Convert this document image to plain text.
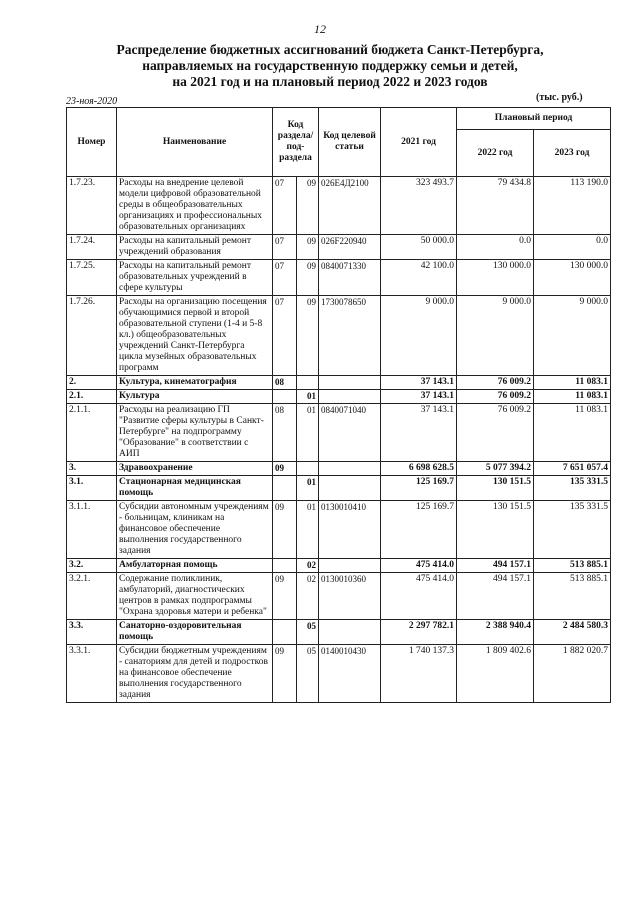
12
Распределение бюджетных ассигнований бюджета Санкт-Петербурга,
направляемых на государственную поддержку семьи и детей,
на 2021 год и на плановый период 2022 и 2023 годов
23-ноя-2020	(тыс. руб.)
Номер	Наименование	Код раздела/ под-раздела		Код целевой статьи	2021 год	Плановый период	
						2022 год	2023 год
1.7.23.	Расходы на внедрение целевой модели цифровой образовательной среды в общеобразовательных организациях и профессиональных образовательных организациях	07	09	026Е4Д2100	323 493.7	79 434.8	113 190.0
1.7.24.	Расходы на капитальный ремонт учреждений образования	07	09	026F220940	50 000.0	0.0	0.0
1.7.25.	Расходы на капитальный ремонт образовательных учреждений в сфере культуры	07	09	0840071330	42 100.0	130 000.0	130 000.0
1.7.26.	Расходы на организацию посещения обучающимися первой и второй образовательной ступени (1-4 и 5-8 кл.) общеобразовательных учреждений Санкт-Петербурга цикла музейных образовательных программ	07	09	1730078650	9 000.0	9 000.0	9 000.0
2.	Культура, кинематография	08			37 143.1	76 009.2	11 083.1
2.1.	Культура		01		37 143.1	76 009.2	11 083.1
2.1.1.	Расходы на реализацию ГП "Развитие сферы культуры в Санкт-Петербурге" на подпрограмму "Образование" в соответствии с АИП	08	01	0840071040	37 143.1	76 009.2	11 083.1
3.	Здравоохранение	09			6 698 628.5	5 077 394.2	7 651 057.4
3.1.	Стационарная медицинская помощь		01		125 169.7	130 151.5	135 331.5
3.1.1.	Субсидии автономным учреждениям - больницам, клиникам на финансовое обеспечение выполнения государственного задания	09	01	0130010410	125 169.7	130 151.5	135 331.5
3.2.	Амбулаторная помощь		02		475 414.0	494 157.1	513 885.1
3.2.1.	Содержание поликлиник, амбулаторий, диагностических центров в рамках подпрограммы "Охрана здоровья матери и ребенка"	09	02	0130010360	475 414.0	494 157.1	513 885.1
3.3.	Санаторно-оздоровительная помощь		05		2 297 782.1	2 388 940.4	2 484 580.3
3.3.1.	Субсидии бюджетным учреждениям - санаториям для детей и подростков на финансовое обеспечение выполнения государственного задания	09	05	0140010430	1 740 137.3	1 809 402.6	1 882 020.7
